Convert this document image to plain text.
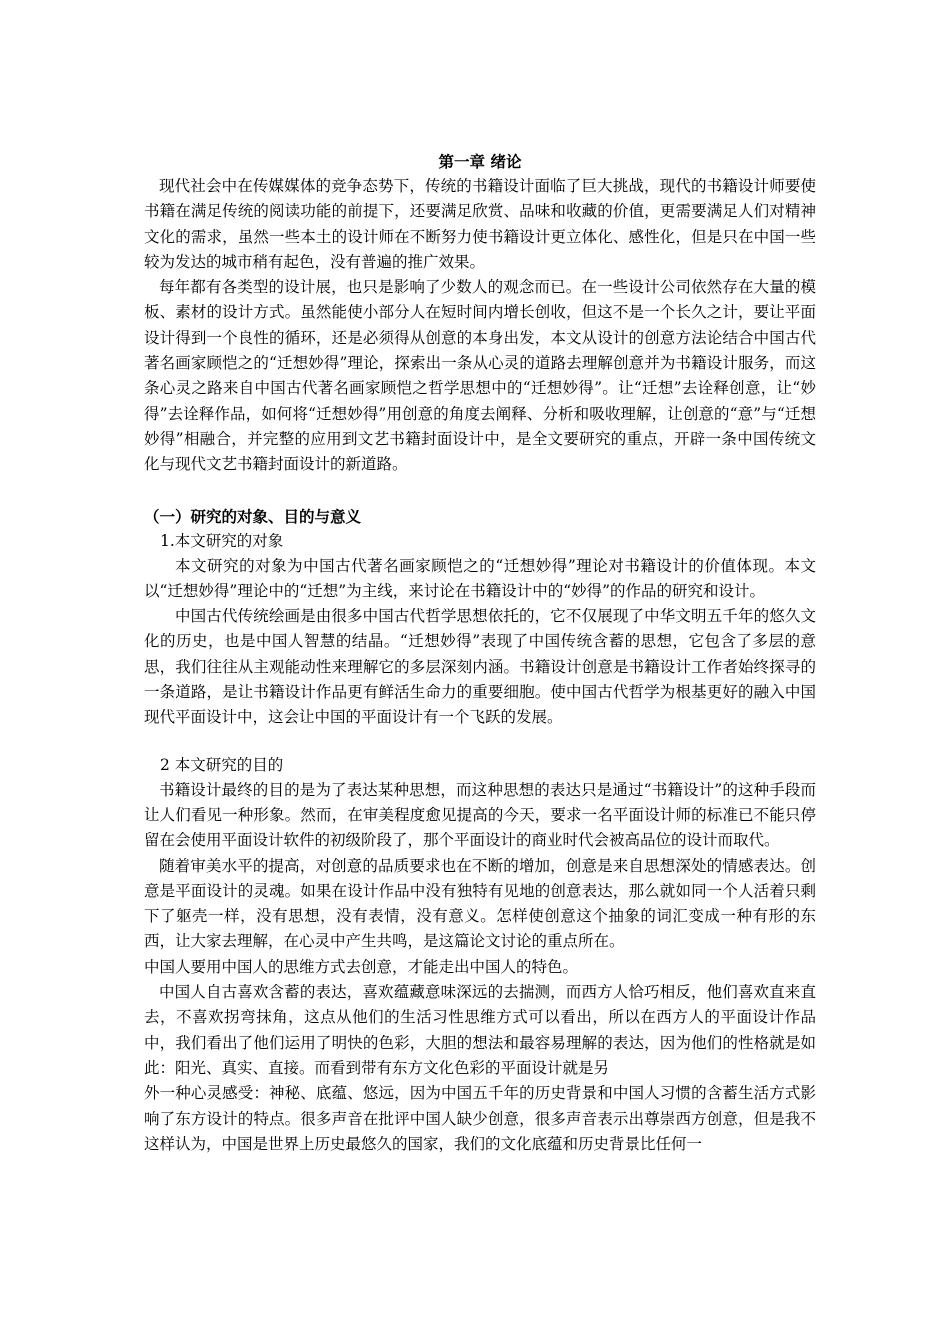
第一章 绪论

现代社会中在传媒媒体的竞争态势下，传统的书籍设计面临了巨大挑战，现代的书籍设计师要使书籍在满足传统的阅读功能的前提下，还要满足欣赏、品味和收藏的价值，更需要满足人们对精神文化的需求，虽然一些本土的设计师在不断努力使书籍设计更立体化、感性化，但是只在中国一些较为发达的城市稍有起色，没有普遍的推广效果。

每年都有各类型的设计展，也只是影响了少数人的观念而已。在一些设计公司依然存在大量的模板、素材的设计方式。虽然能使小部分人在短时间内增长创收，但这不是一个长久之计，要让平面设计得到一个良性的循环，还是必须得从创意的本身出发，本文从设计的创意方法论结合中国古代著名画家顾恺之的“迁想妙得”理论，探索出一条从心灵的道路去理解创意并为书籍设计服务，而这条心灵之路来自中国古代著名画家顾恺之哲学思想中的“迁想妙得”。让“迁想”去诠释创意，让“妙得”去诠释作品，如何将“迁想妙得”用创意的角度去阐释、分析和吸收理解，让创意的“意”与“迁想妙得”相融合，并完整的应用到文艺书籍封面设计中，是全文要研究的重点，开辟一条中国传统文化与现代文艺书籍封面设计的新道路。

（一）研究的对象、目的与意义
1.本文研究的对象

本文研究的对象为中国古代著名画家顾恺之的“迁想妙得”理论对书籍设计的价值体现。本文以“迁想妙得”理论中的“迁想”为主线，来讨论在书籍设计中的“妙得”的作品的研究和设计。

中国古代传统绘画是由很多中国古代哲学思想依托的，它不仅展现了中华文明五千年的悠久文化的历史，也是中国人智慧的结晶。“迁想妙得”表现了中国传统含蓄的思想，它包含了多层的意思，我们往往从主观能动性来理解它的多层深刻内涵。书籍设计创意是书籍设计工作者始终探寻的一条道路，是让书籍设计作品更有鲜活生命力的重要细胞。使中国古代哲学为根基更好的融入中国现代平面设计中，这会让中国的平面设计有一个飞跃的发展。

2 本文研究的目的

书籍设计最终的目的是为了表达某种思想，而这种思想的表达只是通过“书籍设计”的这种手段而让人们看见一种形象。然而，在审美程度愈见提高的今天，要求一名平面设计师的标准已不能只停留在会使用平面设计软件的初级阶段了，那个平面设计的商业时代会被高品位的设计而取代。

随着审美水平的提高，对创意的品质要求也在不断的增加，创意是来自思想深处的情感表达。创意是平面设计的灵魂。如果在设计作品中没有独特有见地的创意表达，那么就如同一个人活着只剩下了躯壳一样，没有思想，没有表情，没有意义。怎样使创意这个抽象的词汇变成一种有形的东西，让大家去理解，在心灵中产生共鸣，是这篇论文讨论的重点所在。

中国人要用中国人的思维方式去创意，才能走出中国人的特色。

中国人自古喜欢含蓄的表达，喜欢蕴藏意味深远的去揣测，而西方人恰巧相反，他们喜欢直来直去，不喜欢拐弯抹角，这点从他们的生活习性思维方式可以看出，所以在西方人的平面设计作品中，我们看出了他们运用了明快的色彩，大胆的想法和最容易理解的表达，因为他们的性格就是如此：阳光、真实、直接。而看到带有东方文化色彩的平面设计就是另

外一种心灵感受：神秘、底蕴、悠远，因为中国五千年的历史背景和中国人习惯的含蓄生活方式影响了东方设计的特点。很多声音在批评中国人缺少创意，很多声音表示出尊崇西方创意，但是我不这样认为，中国是世界上历史最悠久的国家，我们的文化底蕴和历史背景比任何一
